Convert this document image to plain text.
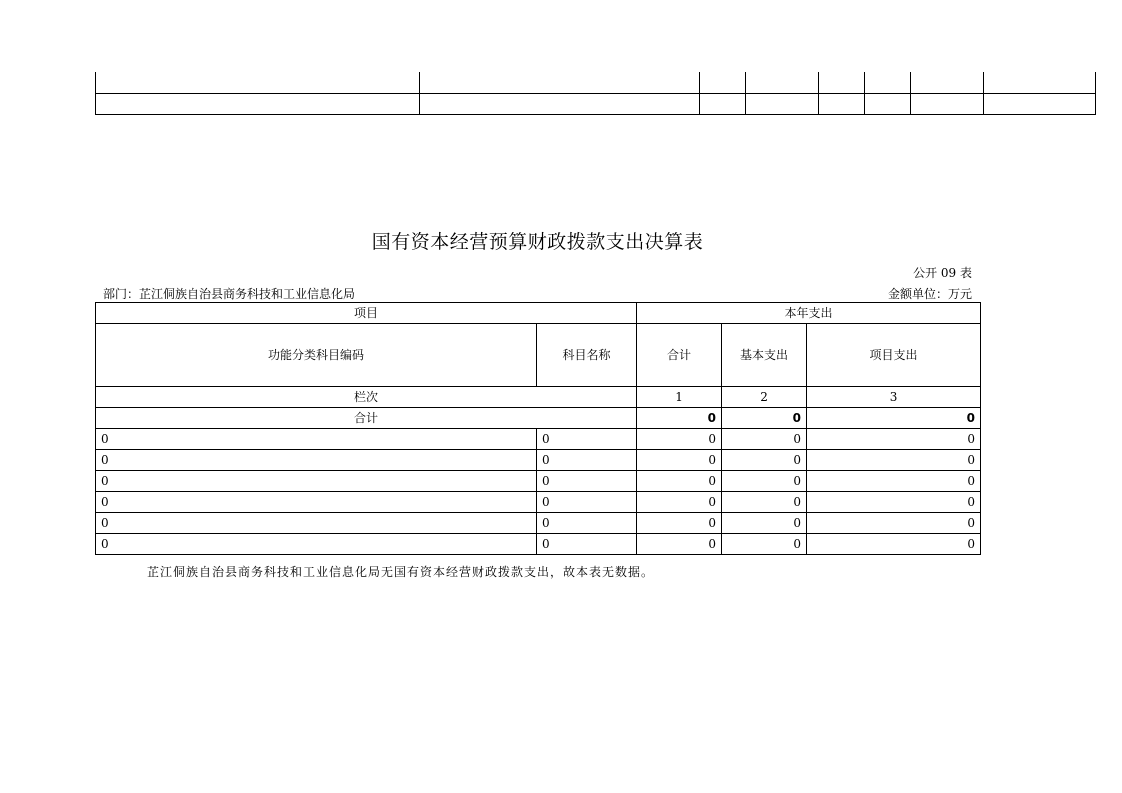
国有资本经营预算财政拨款支出决算表
公开 09 表
部门：芷江侗族自治县商务科技和工业信息化局	金额单位：万元
项目		本年支出		
功能分类科目编码	科目名称	合计	基本支出	项目支出
栏次		1	2	3
合计		0	0	0
0	0	0	0	0
0	0	0	0	0
0	0	0	0	0
0	0	0	0	0
0	0	0	0	0
0	0	0	0	0
芷江侗族自治县商务科技和工业信息化局无国有资本经营财政拨款支出，故本表无数据。
